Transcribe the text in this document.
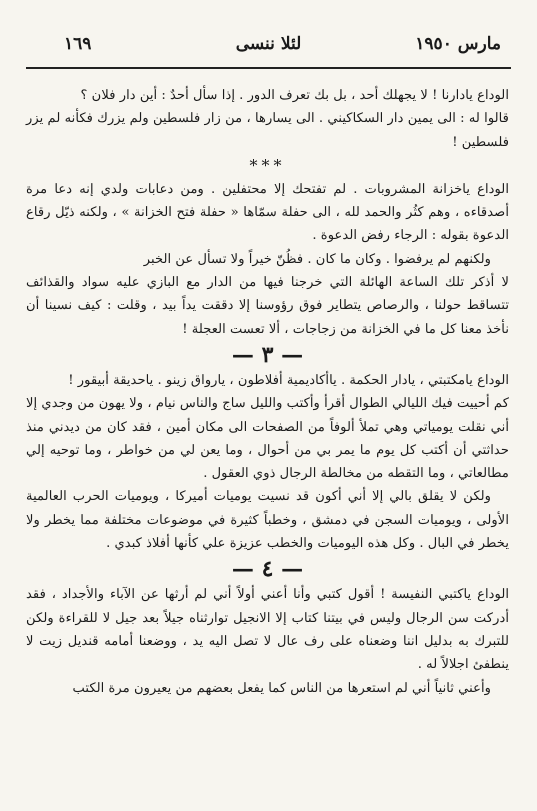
مارس ١٩٥٠
لئلا ننسى
١٦٩

الوداع يادارنا ! لا يجهلك أحد ، بل بك تعرف الدور . إذا سأل أحدٌ : أين دار فلان ؟

قالوا له : الى يمين دار السكاكيني . الى يسارها ، من زار فلسطين ولم يزرك فكأنه لم يزر فلسطين !

***

الوداع ياخزانة المشروبات . لم تفتحك إلا محتفلين . ومن دعابات ولدي إنه دعا مرة أصدقاءه ، وهم كثُر والحمد لله ، الى حفلة سمّاها « حفلة فتح الخزانة » ، ولكنه ذيّل رقاع الدعوة بقوله : الرجاء رفض الدعوة .

ولكنهم لم يرفضوا . وكان ما كان . فظُنّ خيراً ولا تسأل عن الخبر

لا أذكر تلك الساعة الهائلة التي خرجنا فيها من الدار مع البازي عليه سواد والقذائف تتساقط حولنا ، والرصاص يتطاير فوق رؤوسنا إلا دققت يداً بيد ، وقلت : كيف نسينا أن نأخذ معنا كل ما في الخزانة من زجاجات ، ألا تعست العجلة !

— ٣ —

الوداع يامكتبتي ، يادار الحكمة . ياأكاديمية أفلاطون ، يارواق زينو . ياحديقة أبيقور !

كم أحييت فيك الليالي الطوال أقرأ وأكتب والليل ساج والناس نيام ، ولا يهون من وجدي إلا أني نقلت يومياتي وهي تملأ ألوفاً من الصفحات الى مكان أمين ، فقد كان من ديدني منذ حداثتي أن أكتب كل يوم ما يمر بي من أحوال ، وما يعن لي من خواطر ، وما توحيه إلي مطالعاتي ، وما التقطه من مخالطة الرجال ذوي العقول .

ولكن لا يقلق بالي إلا أني أكون قد نسيت يوميات أميركا ، ويوميات الحرب العالمية الأولى ، ويوميات السجن في دمشق ، وخطباً كثيرة في موضوعات مختلفة مما يخطر ولا يخطر في البال . وكل هذه اليوميات والخطب عزيزة علي كأنها أفلاذ كبدي .

— ٤ —

الوداع ياكتبي النفيسة ! أقول كتبي وأنا أعني أولاً أني لم أرثها عن الآباء والأجداد ، فقد أدركت سن الرجال وليس في بيتنا كتاب إلا الانجيل توارثناه جيلاً بعد جيل لا للقراءة ولكن للتبرك به بدليل اننا وضعناه على رف عال لا تصل اليه يد ، ووضعنا أمامه قنديل زيت لا ينطفئ اجلالاً له .

وأعني ثانياً أني لم استعرها من الناس كما يفعل بعضهم من يعيرون مرة الكتب
